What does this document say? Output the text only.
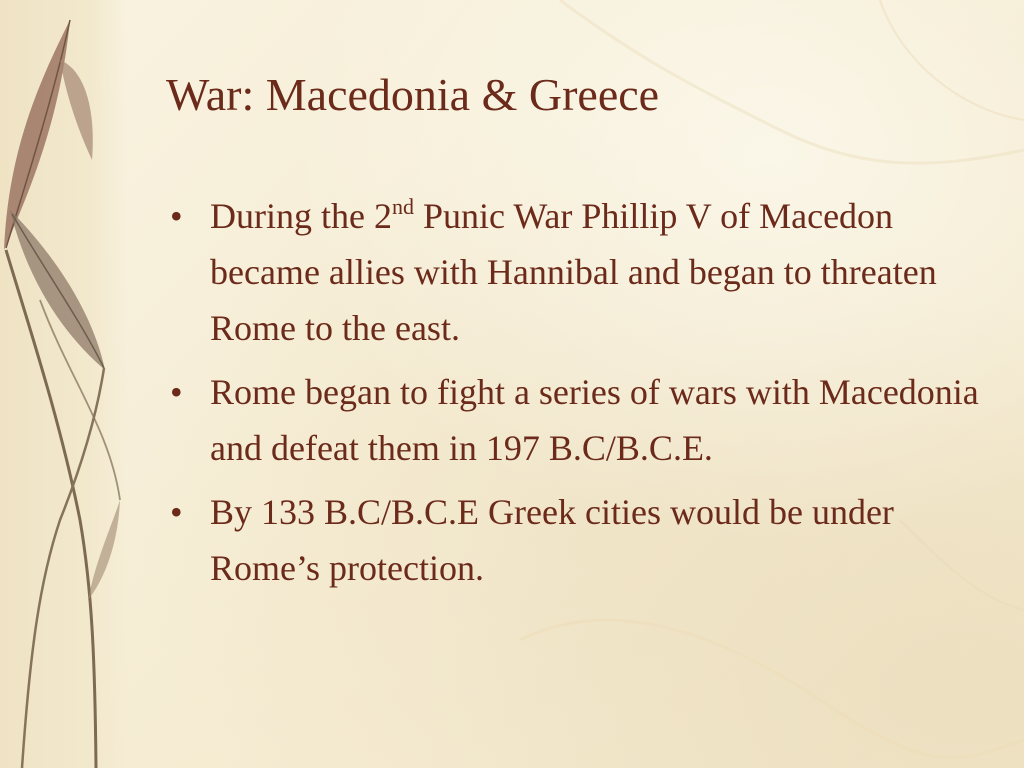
War: Macedonia & Greece
• During the 2nd Punic War Phillip V of Macedon became allies with Hannibal and began to threaten Rome to the east.
• Rome began to fight a series of wars with Macedonia and defeat them in 197 B.C/B.C.E.
• By 133 B.C/B.C.E Greek cities would be under Rome’s protection.
